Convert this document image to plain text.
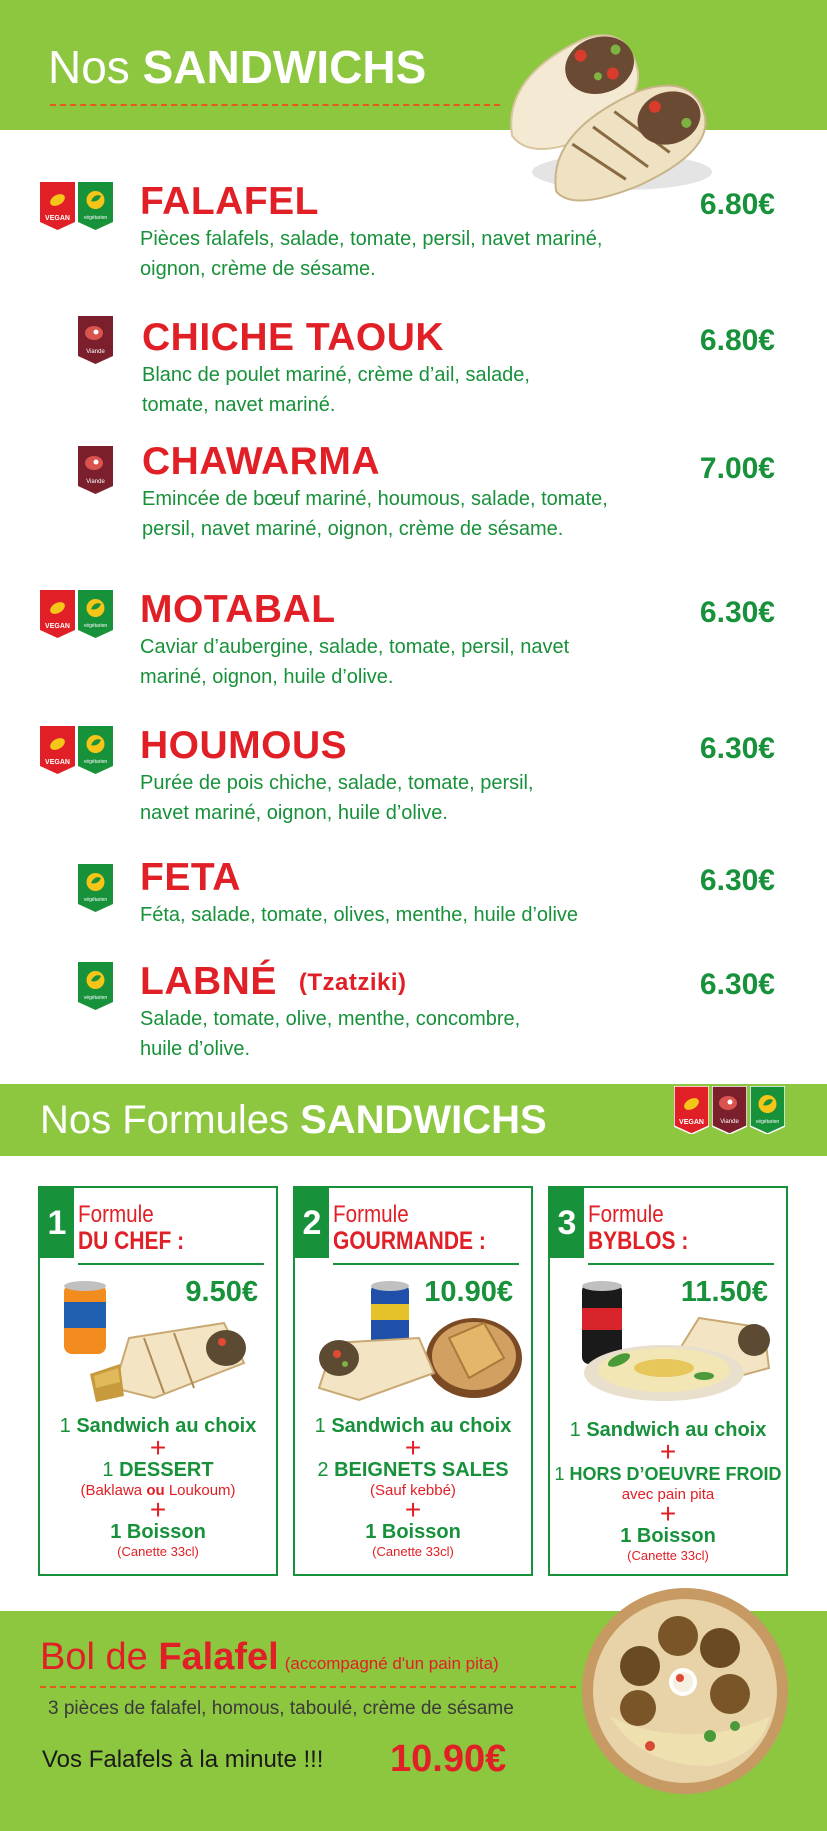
Nos SANDWICHS
VEGAN	végétarien FALAFEL
Pièces falafels, salade, tomate, persil, navet mariné,
oignon, crème de sésame.
6.80€
Viande CHICHE TAOUK
Blanc de poulet mariné, crème d’ail, salade,
tomate, navet mariné.
6.80€
Viande CHAWARMA
Emincée de bœuf mariné, houmous, salade, tomate,
persil, navet mariné, oignon, crème de sésame.
7.00€
VEGAN	végétarien MOTABAL
Caviar d’aubergine, salade, tomate, persil, navet
mariné, oignon, huile d’olive.
6.30€
VEGAN	végétarien HOUMOUS
Purée de pois chiche, salade, tomate, persil,
navet mariné, oignon, huile d’olive.
6.30€
végétarien
FETA
Féta, salade, tomate, olives, menthe, huile d’olive
6.30€
végétarien LABNÉ (Tzatziki)
Salade, tomate, olive, menthe, concombre,
huile d’olive.
6.30€
Nos Formules SANDWICHS	VEGAN	Viande	végétarien
1 Formule
DU CHEF :
9.50€
1 Sandwich au choix
+
1 DESSERT
(Baklawa ou Loukoum)
+
1 Boisson
(Canette 33cl)
2 Formule
GOURMANDE :
10.90€
1 Sandwich au choix
+
2 BEIGNETS SALES
(Sauf kebbé)
+
1 Boisson
(Canette 33cl)
3 Formule
BYBLOS :
11.50€
1 Sandwich au choix
+
1 HORS D’OEUVRE FROID
avec pain pita
+
1 Boisson
(Canette 33cl)
Bol de Falafel (accompagné d'un pain pita)
3 pièces de falafel, homous, taboulé, crème de sésame
Vos Falafels à la minute !!! 10.90€
